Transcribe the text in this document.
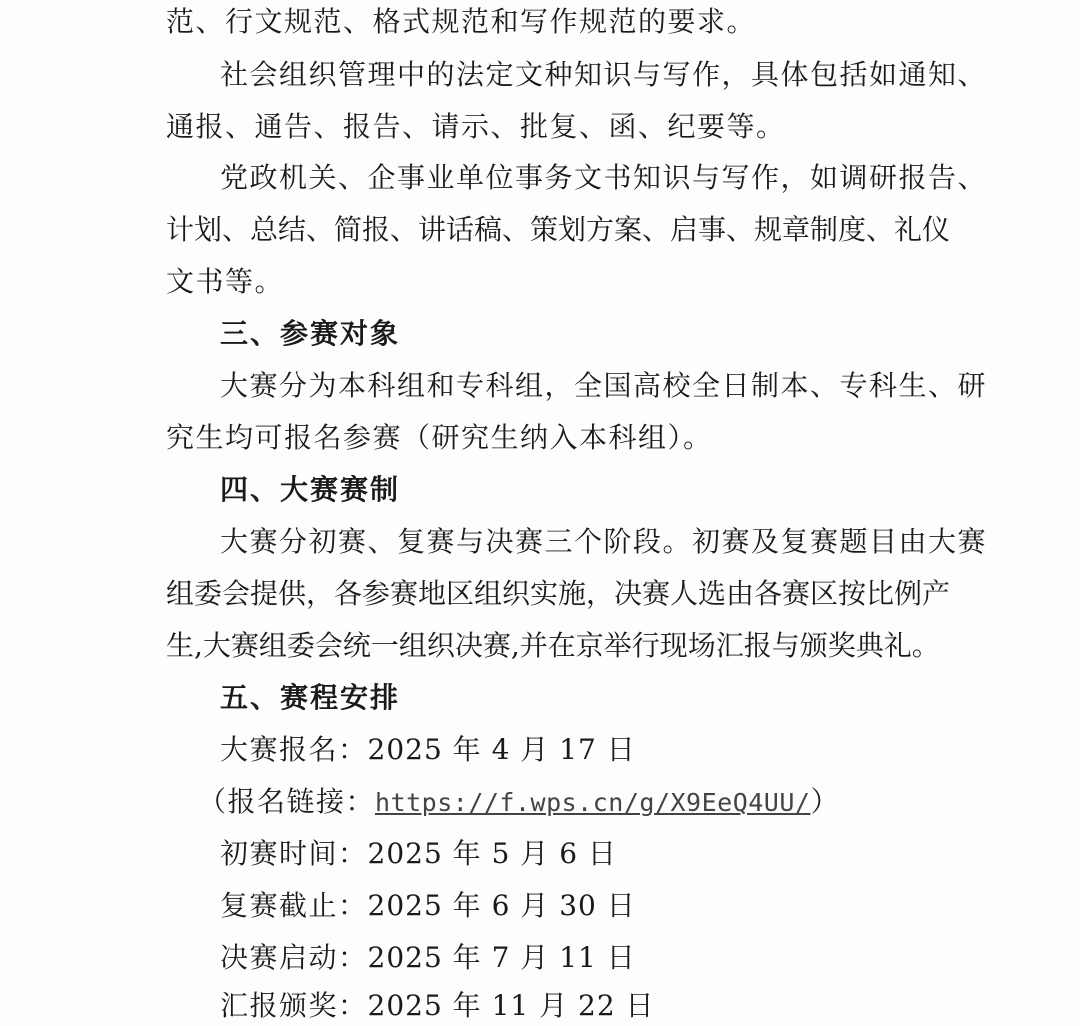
范、行文规范、格式规范和写作规范的要求。
社会组织管理中的法定文种知识与写作，具体包括如通知、
通报、通告、报告、请示、批复、函、纪要等。
党政机关、企事业单位事务文书知识与写作，如调研报告、
计划、总结、简报、讲话稿、策划方案、启事、规章制度、礼仪
文书等。
三、参赛对象
大赛分为本科组和专科组，全国高校全日制本、专科生、研
究生均可报名参赛（研究生纳入本科组）。
四、大赛赛制
大赛分初赛、复赛与决赛三个阶段。初赛及复赛题目由大赛
组委会提供，各参赛地区组织实施，决赛人选由各赛区按比例产
生,大赛组委会统一组织决赛,并在京举行现场汇报与颁奖典礼。
五、赛程安排
大赛报名：2025 年 4 月 17 日
（报名链接：https://f.wps.cn/g/X9EeQ4UU/）
初赛时间：2025 年 5 月 6 日
复赛截止：2025 年 6 月 30 日
决赛启动：2025 年 7 月 11 日
汇报颁奖：2025 年 11 月 22 日
